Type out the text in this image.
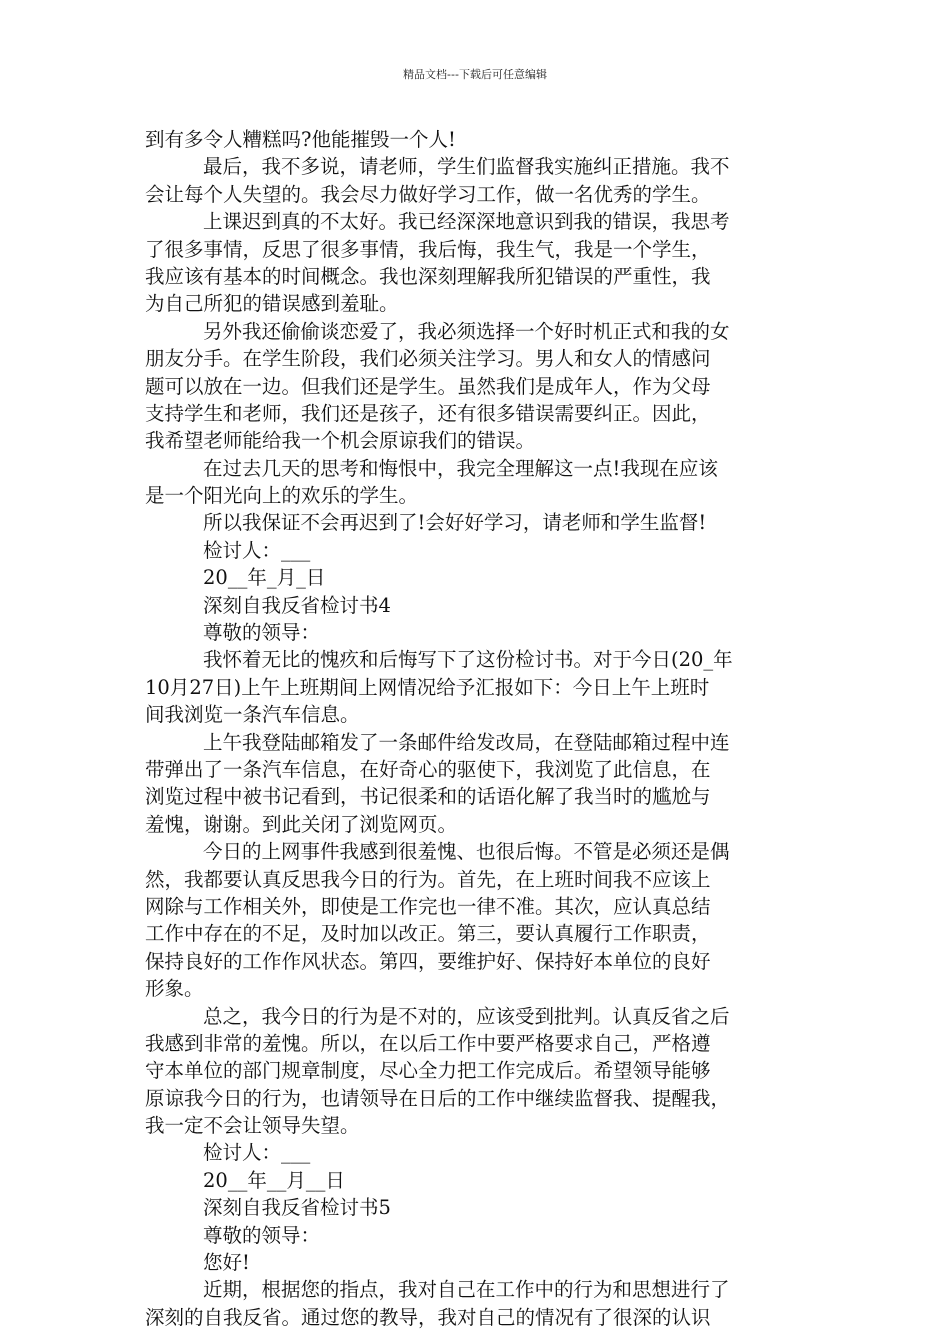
精品文档---下载后可任意编辑
到有多令人糟糕吗?他能摧毁一个人!
最后，我不多说，请老师，学生们监督我实施纠正措施。我不
会让每个人失望的。我会尽力做好学习工作，做一名优秀的学生。
上课迟到真的不太好。我已经深深地意识到我的错误，我思考
了很多事情，反思了很多事情，我后悔，我生气，我是一个学生，
我应该有基本的时间概念。我也深刻理解我所犯错误的严重性，我
为自己所犯的错误感到羞耻。
另外我还偷偷谈恋爱了，我必须选择一个好时机正式和我的女
朋友分手。在学生阶段，我们必须关注学习。男人和女人的情感问
题可以放在一边。但我们还是学生。虽然我们是成年人，作为父母
支持学生和老师，我们还是孩子，还有很多错误需要纠正。因此，
我希望老师能给我一个机会原谅我们的错误。
在过去几天的思考和悔恨中，我完全理解这一点!我现在应该
是一个阳光向上的欢乐的学生。
所以我保证不会再迟到了!会好好学习，请老师和学生监督!
检讨人：___
20__年_月_日
深刻自我反省检讨书4
尊敬的领导：
我怀着无比的愧疚和后悔写下了这份检讨书。对于今日(20_年
10月27日)上午上班期间上网情况给予汇报如下：今日上午上班时
间我浏览一条汽车信息。
上午我登陆邮箱发了一条邮件给发改局，在登陆邮箱过程中连
带弹出了一条汽车信息，在好奇心的驱使下，我浏览了此信息，在
浏览过程中被书记看到，书记很柔和的话语化解了我当时的尴尬与
羞愧，谢谢。到此关闭了浏览网页。
今日的上网事件我感到很羞愧、也很后悔。不管是必须还是偶
然，我都要认真反思我今日的行为。首先，在上班时间我不应该上
网除与工作相关外，即使是工作完也一律不准。其次，应认真总结
工作中存在的不足，及时加以改正。第三，要认真履行工作职责，
保持良好的工作作风状态。第四，要维护好、保持好本单位的良好
形象。
总之，我今日的行为是不对的，应该受到批判。认真反省之后
我感到非常的羞愧。所以，在以后工作中要严格要求自己，严格遵
守本单位的部门规章制度，尽心全力把工作完成后。希望领导能够
原谅我今日的行为，也请领导在日后的工作中继续监督我、提醒我，
我一定不会让领导失望。
检讨人：___
20__年__月__日
深刻自我反省检讨书5
尊敬的领导：
您好!
近期，根据您的指点，我对自己在工作中的行为和思想进行了
深刻的自我反省。通过您的教导，我对自己的情况有了很深的认识
